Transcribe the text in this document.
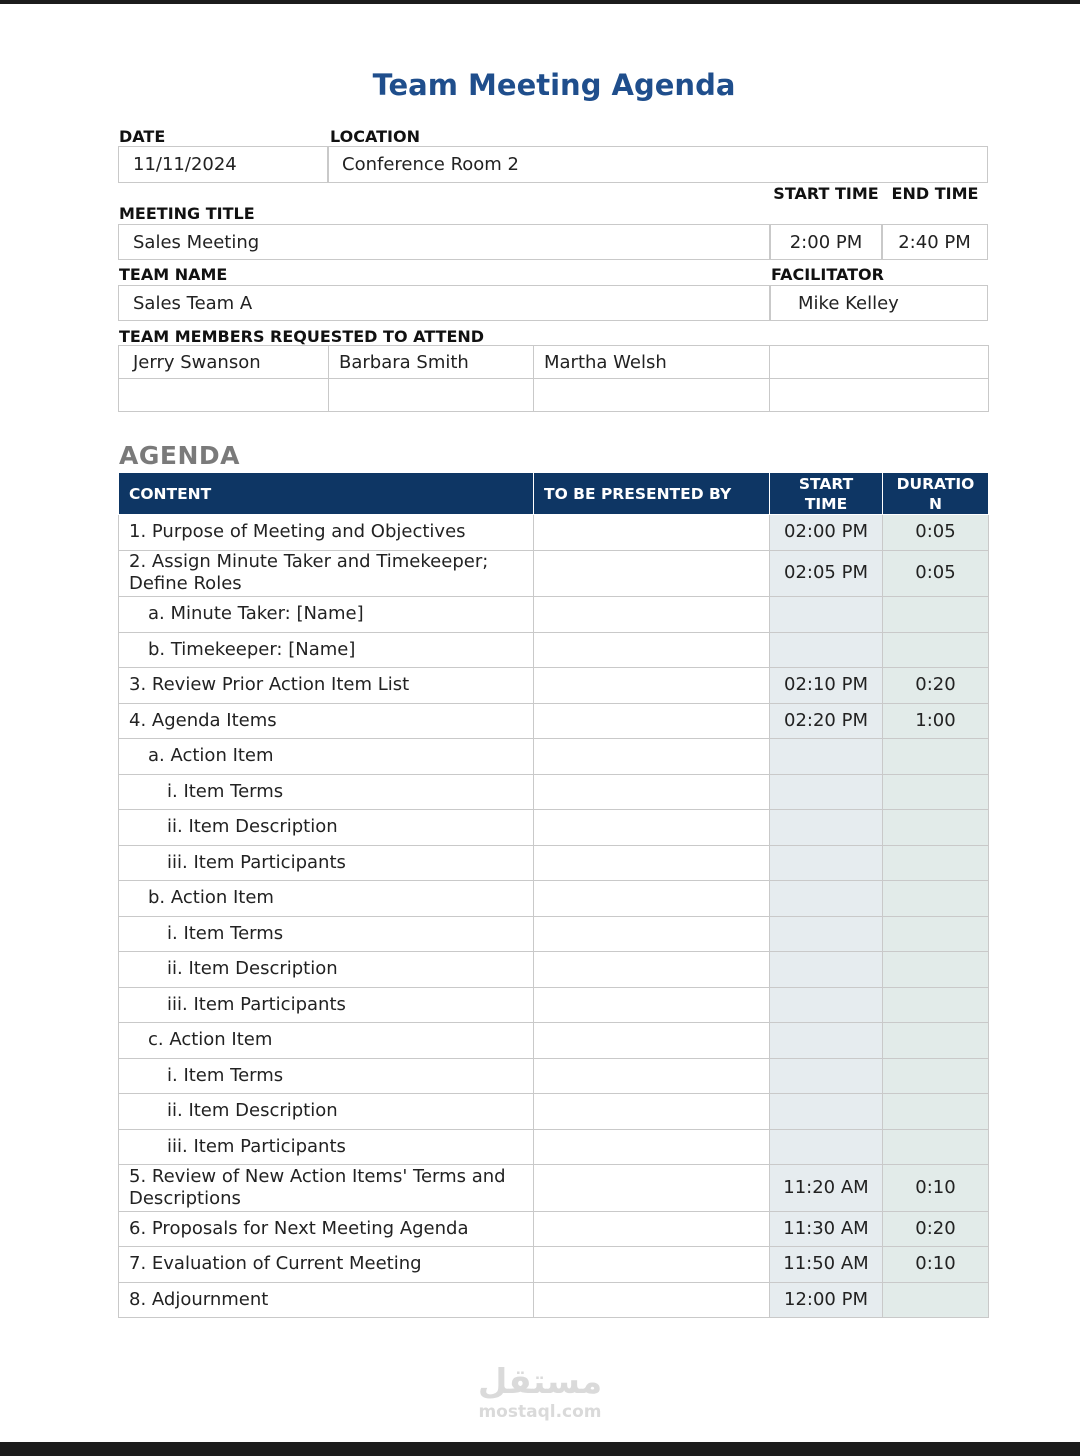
Team Meeting Agenda
DATE	LOCATION
11/11/2024	Conference Room 2
START TIME END TIME
MEETING TITLE
Sales Meeting	2:00 PM	2:40 PM
TEAM NAME	FACILITATOR
Sales Team A	Mike Kelley
TEAM MEMBERS REQUESTED TO ATTEND
Jerry Swanson	Barbara Smith	Martha Welsh	

AGENDA
CONTENT	TO BE PRESENTED BY	START TIME	DURATIO N

1. Purpose of Meeting and Objectives		02:00 PM	0:05
2. Assign Minute Taker and Timekeeper; Define Roles		02:05 PM	0:05
a. Minute Taker: [Name]			
b. Timekeeper: [Name]			
3. Review Prior Action Item List		02:10 PM	0:20
4. Agenda Items		02:20 PM	1:00
a. Action Item			
i. Item Terms			
ii. Item Description			
iii. Item Participants			
b. Action Item			
i. Item Terms			
ii. Item Description			
iii. Item Participants			
c. Action Item			
i. Item Terms			
ii. Item Description			
iii. Item Participants			
5. Review of New Action Items' Terms and Descriptions		11:20 AM	0:10
6. Proposals for Next Meeting Agenda		11:30 AM	0:20
7. Evaluation of Current Meeting		11:50 AM	0:10
8. Adjournment		12:00 PM	
مستقل
mostaql.com
